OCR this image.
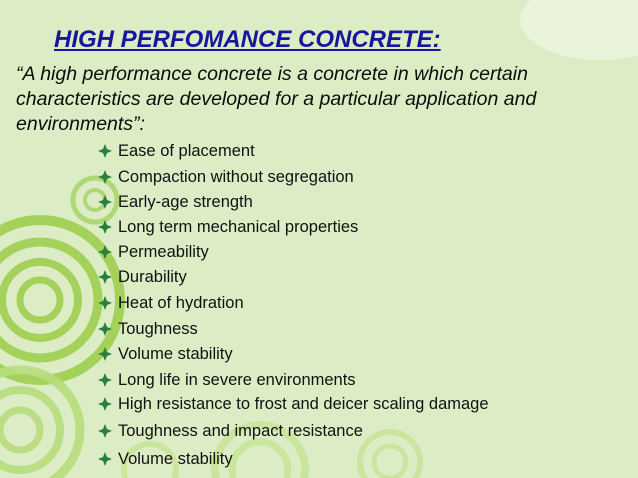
HIGH PERFOMANCE CONCRETE:
“A high performance concrete is a concrete in which certain
characteristics are developed for a particular application and
environments”:
Ease of placement
Compaction without segregation
Early-age strength
Long term mechanical properties
Permeability
Durability
Heat of hydration
Toughness
Volume stability
Long life in severe environments
High resistance to frost and deicer scaling damage
Toughness and impact resistance
Volume stability
